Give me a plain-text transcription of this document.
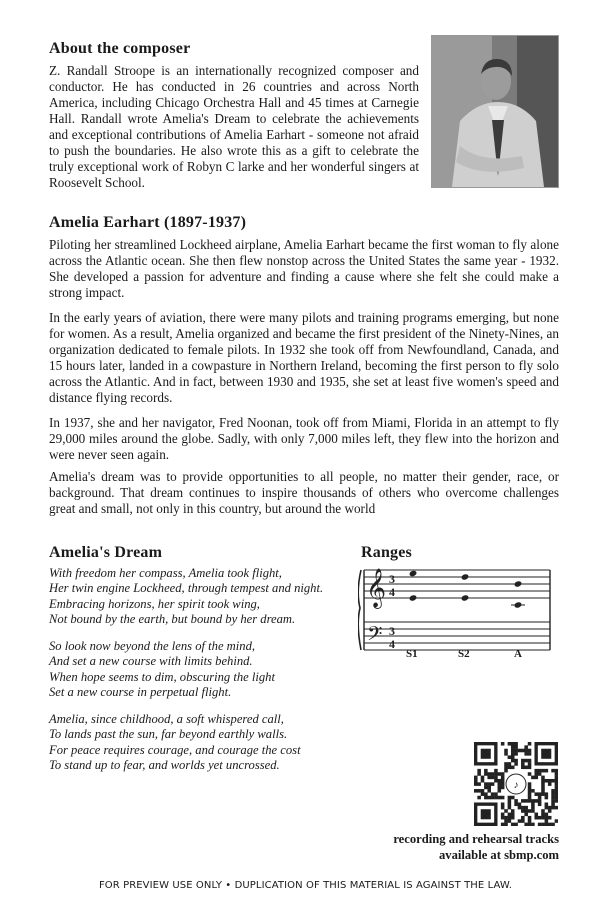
About the composer

Z. Randall Stroope is an internationally recognized composer and conductor. He has conducted in 26 countries and across North America, including Chicago Orchestra Hall and 45 times at Carnegie Hall. Randall wrote Amelia's Dream to celebrate the achievements and exceptional contributions of Amelia Earhart - someone not afraid to push the boundaries. He also wrote this as a gift to celebrate the truly exceptional work of Robyn C larke and her wonderful singers at Roosevelt School.

Amelia Earhart (1897-1937)

Piloting her streamlined Lockheed airplane, Amelia Earhart became the first woman to fly alone across the Atlantic ocean. She then flew nonstop across the United States the same year - 1932. She developed a passion for adventure and finding a cause where she felt she could make a strong impact.

In the early years of aviation, there were many pilots and training programs emerging, but none for women. As a result, Amelia organized and became the first president of the Ninety-Nines, an organization dedicated to female pilots. In 1932 she took off from Newfoundland, Canada, and 15 hours later, landed in a cowpasture in Northern Ireland, becoming the first person to fly solo across the Atlantic. And in fact, between 1930 and 1935, she set at least five women's speed and distance flying records.

In 1937, she and her navigator, Fred Noonan, took off from Miami, Florida in an attempt to fly 29,000 miles around the globe. Sadly, with only 7,000 miles left, they flew into the horizon and were never seen again.

Amelia's dream was to provide opportunities to all people, no matter their gender, race, or background. That dream continues to inspire thousands of others who overcome challenges great and small, not only in this country, but around the world

Amelia's Dream
With freedom her compass, Amelia took flight,
Her twin engine Lockheed, through tempest and night.
Embracing horizons, her spirit took wing,
Not bound by the earth, but bound by her dream.
So look now beyond the lens of the mind,
And set a new course with limits behind.
When hope seems to dim, obscuring the light
Set a new course in perpetual flight.
Amelia, since childhood, a soft whispered call,
To lands past the sun, far beyond earthly walls.
For peace requires courage, and courage the cost
To stand up to fear, and worlds yet uncrossed.
Ranges
𝄞
𝄢
3
4
3
4
S1	S2	A
♪
recording and rehearsal tracks
available at sbmp.com
FOR PREVIEW USE ONLY • DUPLICATION OF THIS MATERIAL IS AGAINST THE LAW.
